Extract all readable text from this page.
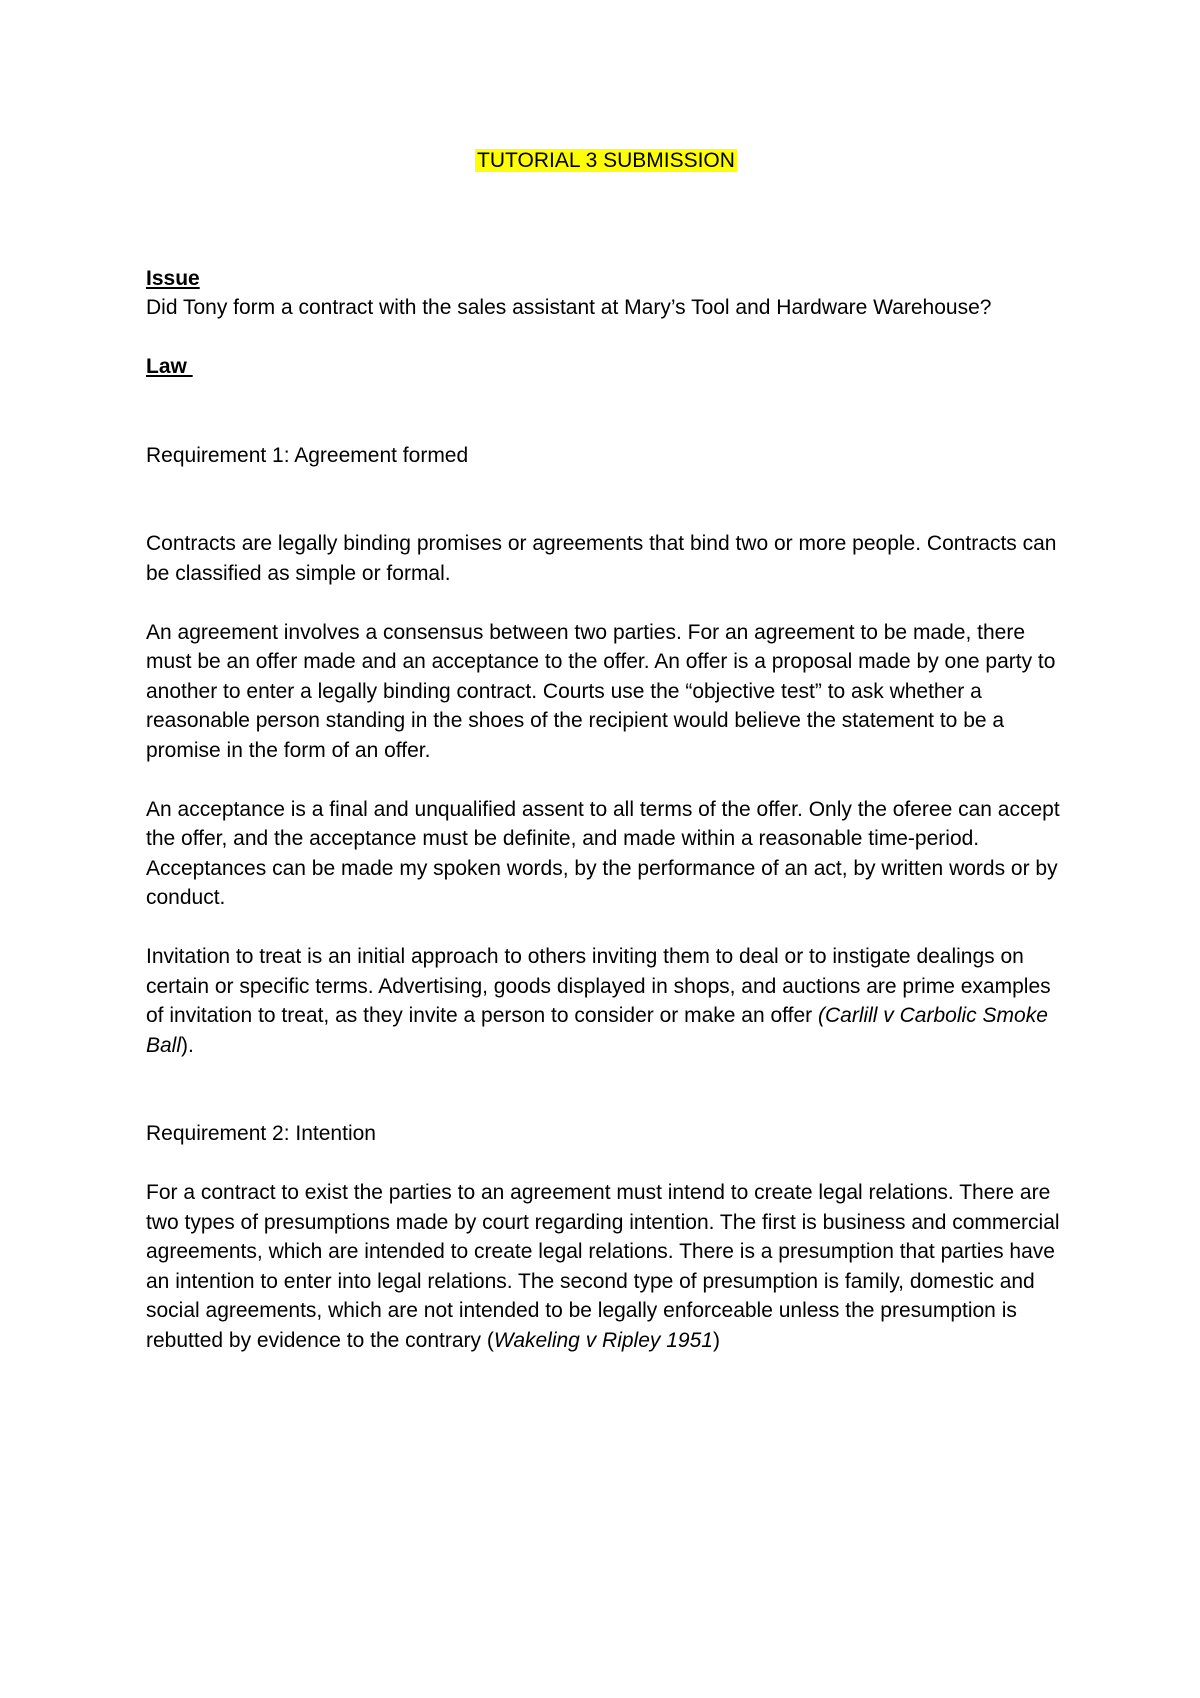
TUTORIAL 3 SUBMISSION

Issue

Did Tony form a contract with the sales assistant at Mary’s Tool and Hardware Warehouse?

Law

Requirement 1: Agreement formed

Contracts are legally binding promises or agreements that bind two or more people. Contracts can be classified as simple or formal.

An agreement involves a consensus between two parties. For an agreement to be made, there must be an offer made and an acceptance to the offer. An offer is a proposal made by one party to another to enter a legally binding contract. Courts use the “objective test” to ask whether a reasonable person standing in the shoes of the recipient would believe the statement to be a promise in the form of an offer.

An acceptance is a final and unqualified assent to all terms of the offer. Only the oferee can accept the offer, and the acceptance must be definite, and made within a reasonable time-period. Acceptances can be made my spoken words, by the performance of an act, by written words or by conduct.

Invitation to treat is an initial approach to others inviting them to deal or to instigate dealings on certain or specific terms. Advertising, goods displayed in shops, and auctions are prime examples of invitation to treat, as they invite a person to consider or make an offer (Carlill v Carbolic Smoke Ball).

Requirement 2: Intention

For a contract to exist the parties to an agreement must intend to create legal relations. There are two types of presumptions made by court regarding intention. The first is business and commercial agreements, which are intended to create legal relations. There is a presumption that parties have an intention to enter into legal relations. The second type of presumption is family, domestic and social agreements, which are not intended to be legally enforceable unless the presumption is rebutted by evidence to the contrary (Wakeling v Ripley 1951)
